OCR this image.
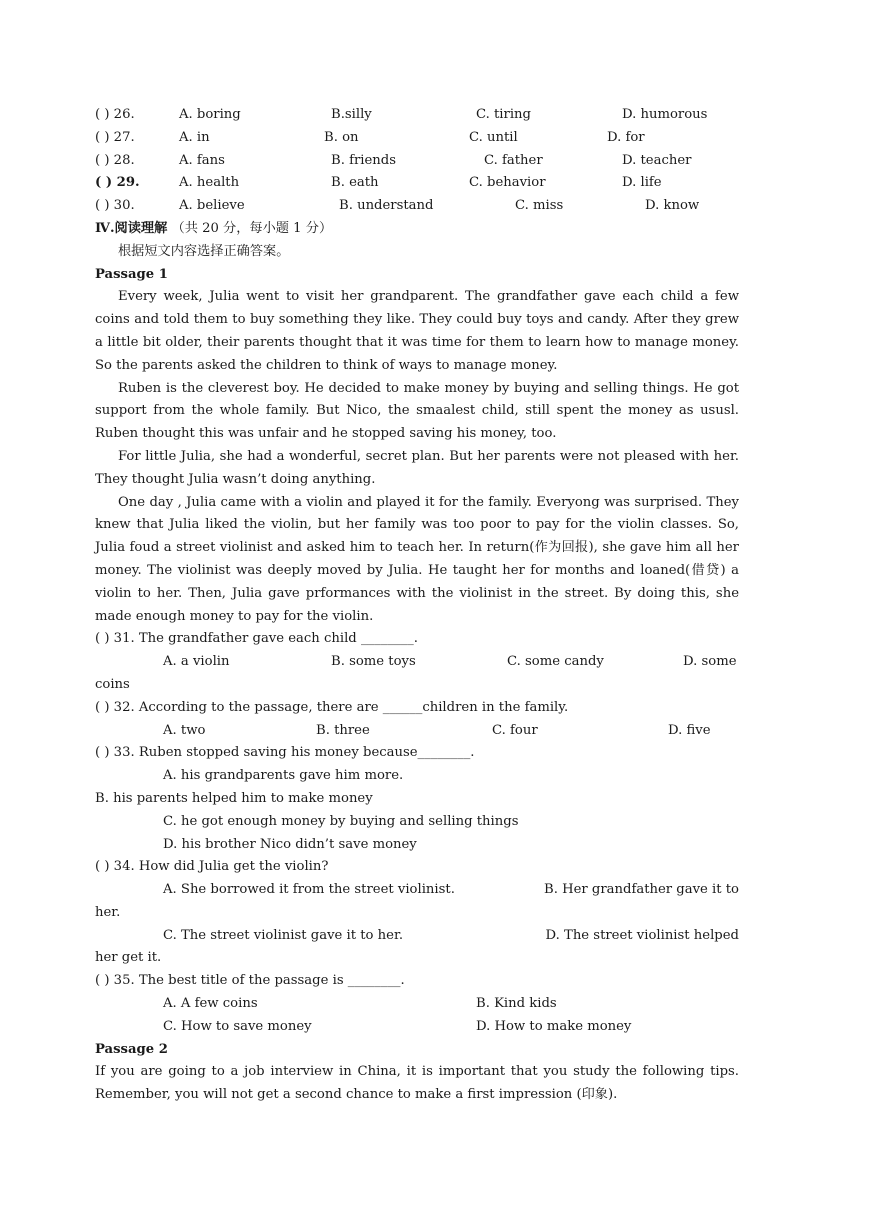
( ) 26.	A. boring	B.silly	C. tiring	D. humorous
( ) 27.	A. in	B. on	C. until	D. for
( ) 28.	A. fans	B. friends	C. father	D. teacher
( ) 29.	A. health	B. eath	C. behavior	D. life
( ) 30.	A. believe	B. understand	C. miss	D. know
Ⅳ.阅读理解 （共 20 分，每小题 1 分）
根据短文内容选择正确答案。
Passage 1
Every week, Julia went to visit her grandparent. The grandfather gave each child a few coins and told them to buy something they like. They could buy toys and candy. After they grew a little bit older, their parents thought that it was time for them to learn how to manage money. So the parents asked the children to think of ways to manage money.
Ruben is the cleverest boy. He decided to make money by buying and selling things. He got support from the whole family. But Nico, the smaalest child, still spent the money as ususl. Ruben thought this was unfair and he stopped saving his money, too.
For little Julia, she had a wonderful, secret plan. But her parents were not pleased with her. They thought Julia wasn’t doing anything.
One day , Julia came with a violin and played it for the family. Everyong was surprised. They knew that Julia liked the violin, but her family was too poor to pay for the violin classes. So, Julia foud a street violinist and asked him to teach her. In return(作为回报), she gave him all her money. The violinist was deeply moved by Julia. He taught her for months and loaned(借贷) a violin to her. Then, Julia gave prformances with the violinist in the street. By doing this, she made enough money to pay for the violin.
( ) 31. The grandfather gave each child ________.
A. a violin	B. some toys	C. some candy	D. some
coins
( ) 32. According to the passage, there are ______children in the family.
A. two	B. three	C. four	D. five
( ) 33. Ruben stopped saving his money because________.
A. his grandparents gave him more.
B. his parents helped him to make money
C. he got enough money by buying and selling things
D. his brother Nico didn’t save money
( ) 34. How did Julia get the violin?
A. She borrowed it from the street violinist.	B. Her grandfather gave it to
her.
C. The street violinist gave it to her.	D. The street violinist helped
her get it.
( ) 35. The best title of the passage is ________.
A. A few coins	B. Kind kids
C. How to save money	D. How to make money
Passage 2
If you are going to a job interview in China, it is important that you study the following tips. Remember, you will not get a second chance to make a first impression (印象).
